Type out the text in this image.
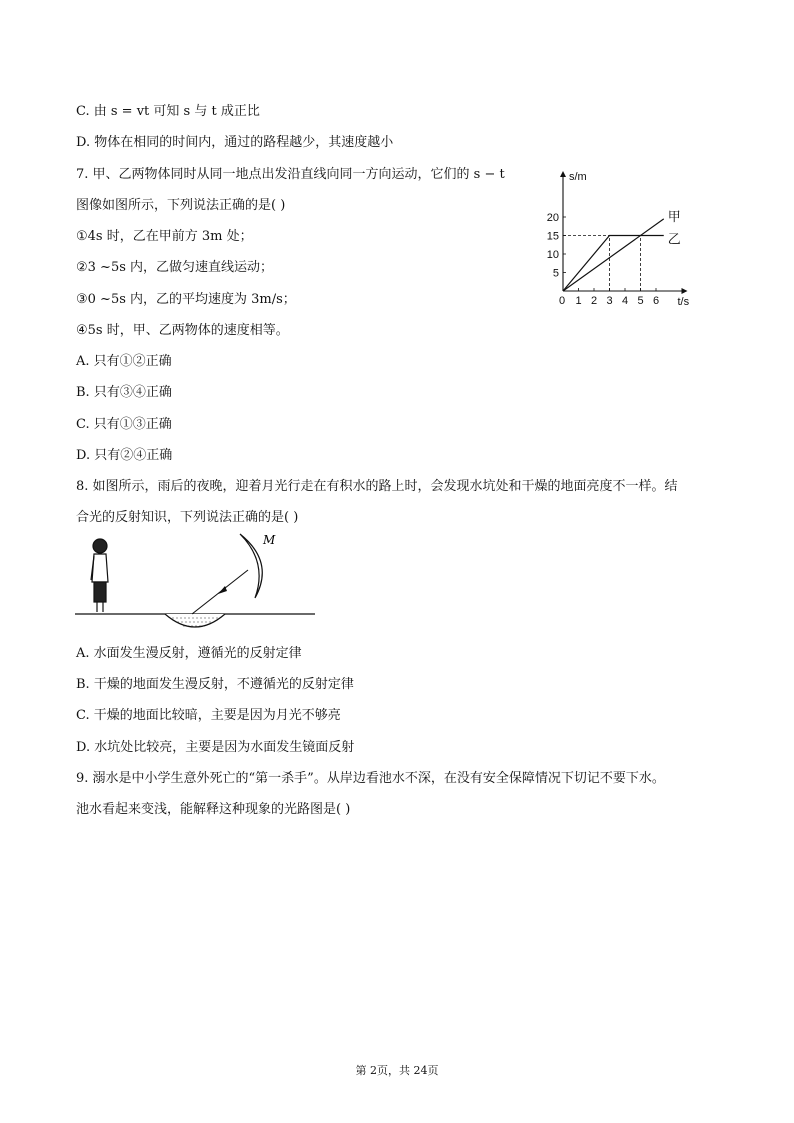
C. 由 s = vt 可知 s 与 t 成正比
D. 物体在相同的时间内，通过的路程越少，其速度越小
7. 甲、乙两物体同时从同一地点出发沿直线向同一方向运动，它们的 s − t
图像如图所示，下列说法正确的是( )
①4s 时，乙在甲前方 3m 处；
②3 ~5s 内，乙做匀速直线运动；
③0 ~5s 内，乙的平均速度为 3m/s；
④5s 时，甲、乙两物体的速度相等。
A. 只有①②正确
B. 只有③④正确
C. 只有①③正确
D. 只有②④正确
甲
乙
0 1 2 3 4 5 6
5
10
15
20
t/s
s/m
8. 如图所示，雨后的夜晚，迎着月光行走在有积水的路上时，会发现水坑处和干燥的地面亮度不一样。结
合光的反射知识，下列说法正确的是( )
M
A. 水面发生漫反射，遵循光的反射定律
B. 干燥的地面发生漫反射，不遵循光的反射定律
C. 干燥的地面比较暗，主要是因为月光不够亮
D. 水坑处比较亮，主要是因为水面发生镜面反射
9. 溺水是中小学生意外死亡的“第一杀手”。从岸边看池水不深，在没有安全保障情况下切记不要下水。
池水看起来变浅，能解释这种现象的光路图是( )
第 2页，共 24页
